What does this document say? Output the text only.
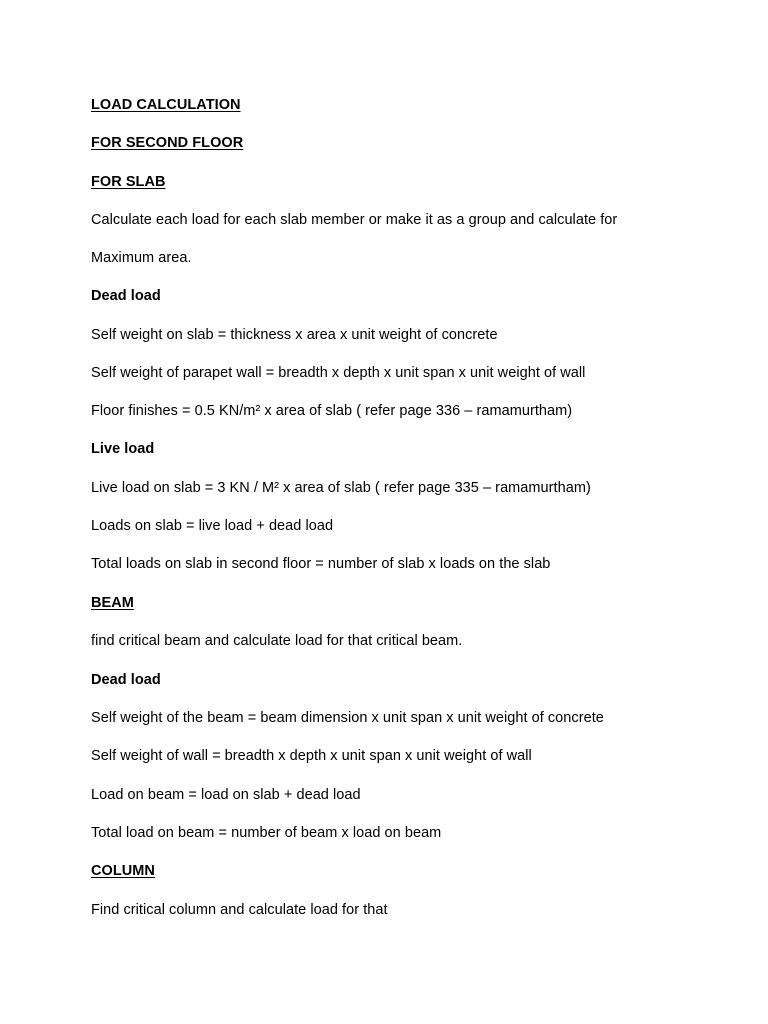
LOAD CALCULATION
FOR SECOND FLOOR
FOR SLAB
Calculate each load for each slab member or make it as a group and calculate for
Maximum area.
Dead load
Self weight on slab = thickness x area x unit weight of concrete
Self weight of parapet wall = breadth x depth x unit span x unit weight of wall
Floor finishes = 0.5 KN/m² x area of slab ( refer page 336 – ramamurtham)
Live load
Live load on slab = 3 KN / M² x area of slab ( refer page 335 – ramamurtham)
Loads on slab = live load + dead load
Total loads on slab in second floor = number of slab x loads on the slab
BEAM
find critical beam and calculate load for that critical beam.
Dead load
Self weight of the beam = beam dimension x unit span x unit weight of concrete
Self weight of wall = breadth x depth x unit span x unit weight of wall
Load on beam = load on slab + dead load
Total load on beam = number of beam x load on beam
COLUMN
Find critical column and calculate load for that
